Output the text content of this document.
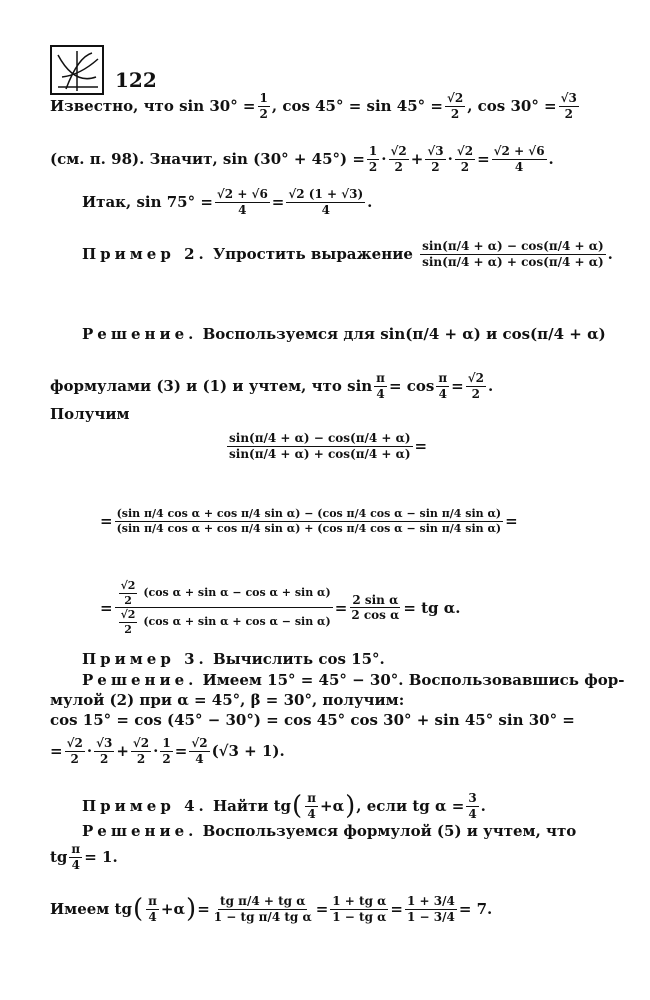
122
Известно, что $\sin 30^\circ = \frac{1}{2}$ , $\cos 45^\circ = \sin 45^\circ = \frac{√2}{2}$ , $\cos 30^\circ = \frac{√3}{2}$
(см. п. 98). Значит, $\sin (30^\circ + 45^\circ) = \frac{1}{2} \cdot \frac{√2}{2} + \frac{√3}{2} \cdot \frac{√2}{2} = \frac{√2 + √6}{4}$ .
Итак, $\sin 75^\circ = \frac{√2 + √6}{4} = \frac{√2 (1 + √3)}{4}$ .
Пример 2.
Упростить выражение
$\frac{\sin(\pi/4 + \alpha) - \cos(\pi/4 + \alpha)}{\sin(\pi/4 + \alpha) + \cos(\pi/4 + \alpha)}$ .
Решение.
Воспользуемся для sin(π/4 + α) и cos(π/4 + α)
формулами (3) и (1) и учтем, что $\sin \frac{\pi}{4} = \cos \frac{\pi}{4} = \frac{√2}{2}$ .
Получим
$\frac{\sin(\pi/4 + \alpha) - \cos(\pi/4 + \alpha)}{\sin(\pi/4 + \alpha) + \cos(\pi/4 + \alpha)}$ =
= (sin π/4 cos α + cos π/4 sin α) − (cos π/4 cos α − sin π/4 sin α)
(sin π/4 cos α + cos π/4 sin α) + (cos π/4 cos α − sin π/4 sin α) =
= $\frac{\frac{√2}{2} (\cos \alpha + \sin \alpha - \cos \alpha + \sin \alpha)}{\frac{√2}{2} (\cos \alpha + \sin \alpha + \cos \alpha - \sin \alpha)} = \frac{\text{2 sin α}}{\text{2 cos α}}$ = tg α.
Пример 3.
Вычислить cos 15°.
Решение.
Имеем 15° = 45° − 30°. Воспользовавшись фор-
мулой (2) при α = 45°, β = 30°, получим:
cos 15° = cos (45° − 30°) = cos 45° cos 30° + sin 45° sin 30° =
= $\frac{√2}{2} \cdot \frac{√3}{2} + \frac{√2}{2} \cdot \frac{1}{2} = \frac{√2}{4} (√3 + 1)$.
Пример 4.
Найти tg ( $\frac{\pi}{4} +\alpha$ ) , если tg $\alpha = \frac{3}{4}$ .
Решение.
Воспользуемся формулой (5) и учтем, что
tg $\frac{\pi}{4} = 1$.
Имеем tg ( $\frac{\pi}{4} +\alpha$ ) = $\frac{\text{tg π/4 + tg α}}{\text{1 − tg π/4 tg α}} = \frac{\text{1 + tg α}}{\text{1 − tg α}} = \frac{1 + 3/4}{1 - 3/4} = 7$.
